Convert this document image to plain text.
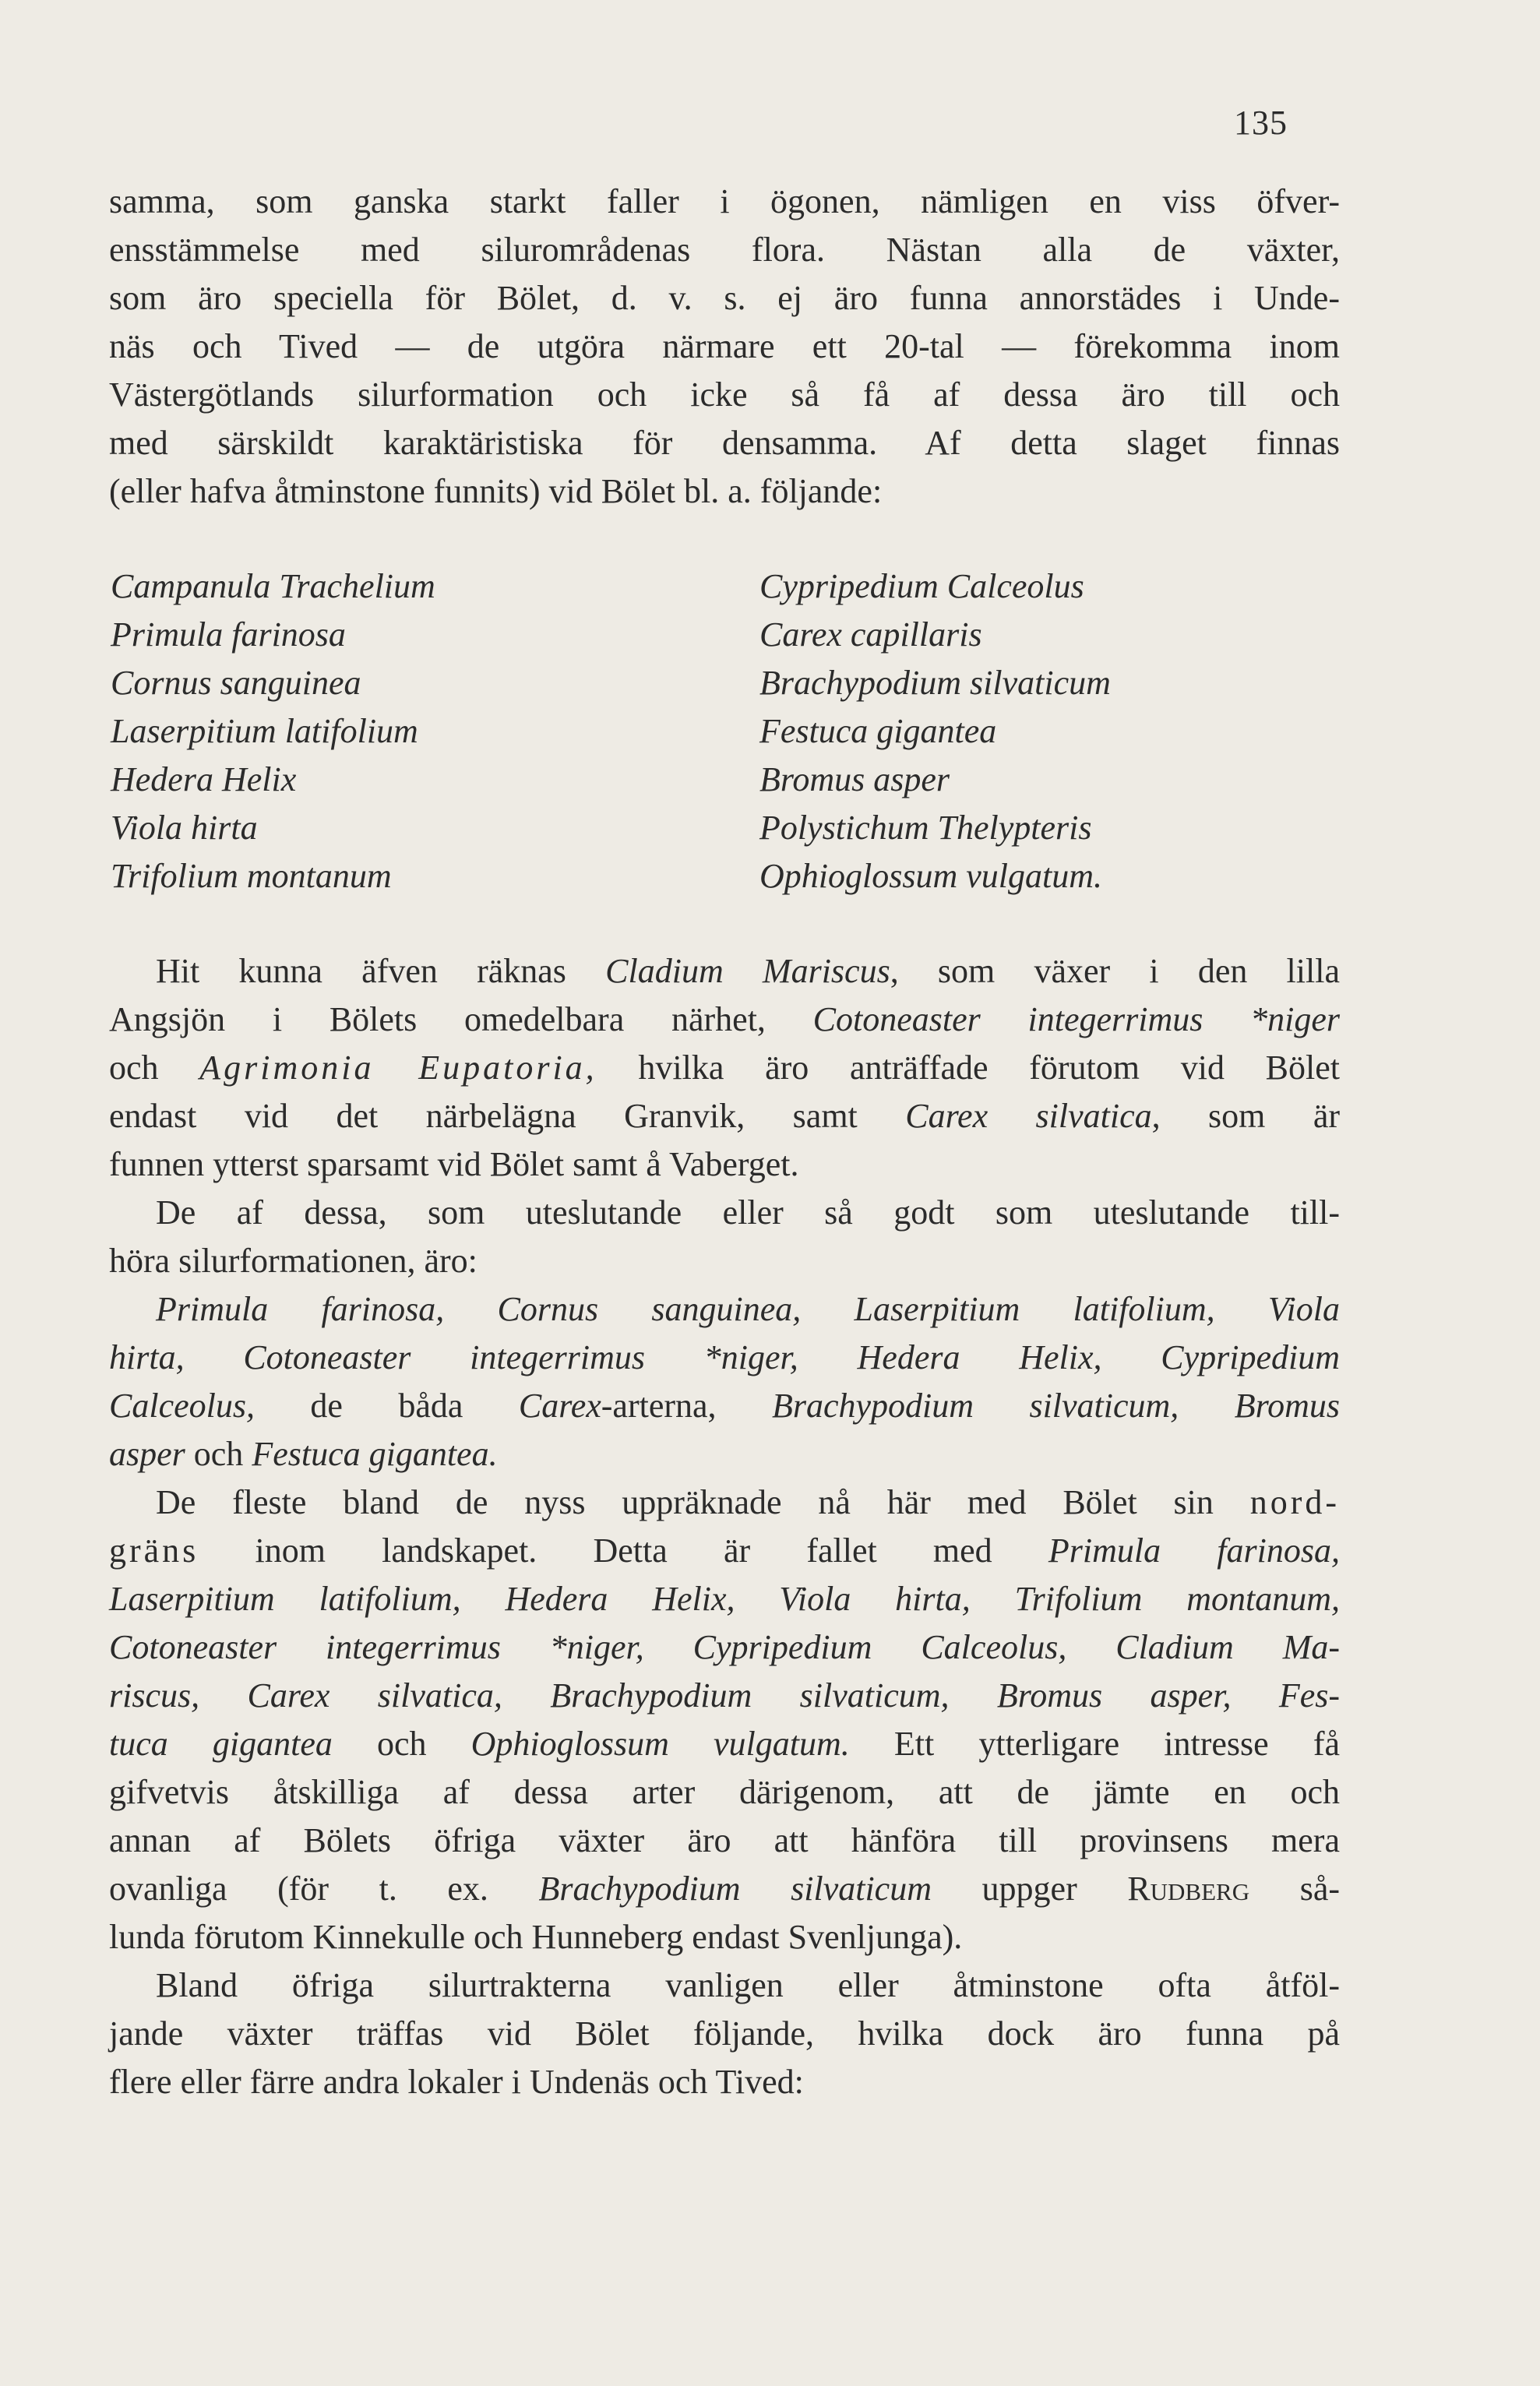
135
samma, som ganska starkt faller i ögonen, nämligen en viss öfver-
ensstämmelse med silurområdenas flora. Nästan alla de växter,
som äro speciella för Bölet, d. v. s. ej äro funna annorstädes i Unde-
näs och Tived — de utgöra närmare ett 20-tal — förekomma inom
Västergötlands silurformation och icke så få af dessa äro till och
med särskildt karaktäristiska för densamma. Af detta slaget finnas
(eller hafva åtminstone funnits) vid Bölet bl. a. följande:
Campanula Trachelium
Primula farinosa
Cornus sanguinea
Laserpitium latifolium
Hedera Helix
Viola hirta
Trifolium montanum
Cypripedium Calceolus
Carex capillaris
Brachypodium silvaticum
Festuca gigantea
Bromus asper
Polystichum Thelypteris
Ophioglossum vulgatum.
Hit kunna äfven räknas Cladium Mariscus, som växer i den lilla
Angsjön i Bölets omedelbara närhet, Cotoneaster integerrimus *niger
och Agrimonia Eupatoria, hvilka äro anträffade förutom vid Bölet
endast vid det närbelägna Granvik, samt Carex silvatica, som är
funnen ytterst sparsamt vid Bölet samt å Vaberget.
De af dessa, som uteslutande eller så godt som uteslutande till-
höra silurformationen, äro:
Primula farinosa, Cornus sanguinea, Laserpitium latifolium, Viola
hirta, Cotoneaster integerrimus *niger, Hedera Helix, Cypripedium
Calceolus, de båda Carex-arterna, Brachypodium silvaticum, Bromus
asper och Festuca gigantea.
De fleste bland de nyss uppräknade nå här med Bölet sin nord-
gräns inom landskapet. Detta är fallet med Primula farinosa,
Laserpitium latifolium, Hedera Helix, Viola hirta, Trifolium montanum,
Cotoneaster integerrimus *niger, Cypripedium Calceolus, Cladium Ma-
riscus, Carex silvatica, Brachypodium silvaticum, Bromus asper, Fes-
tuca gigantea och Ophioglossum vulgatum. Ett ytterligare intresse få
gifvetvis åtskilliga af dessa arter därigenom, att de jämte en och
annan af Bölets öfriga växter äro att hänföra till provinsens mera
ovanliga (för t. ex. Brachypodium silvaticum uppger Rudberg så-
lunda förutom Kinnekulle och Hunneberg endast Svenljunga).
Bland öfriga silurtrakterna vanligen eller åtminstone ofta åtföl-
jande växter träffas vid Bölet följande, hvilka dock äro funna på
flere eller färre andra lokaler i Undenäs och Tived:
